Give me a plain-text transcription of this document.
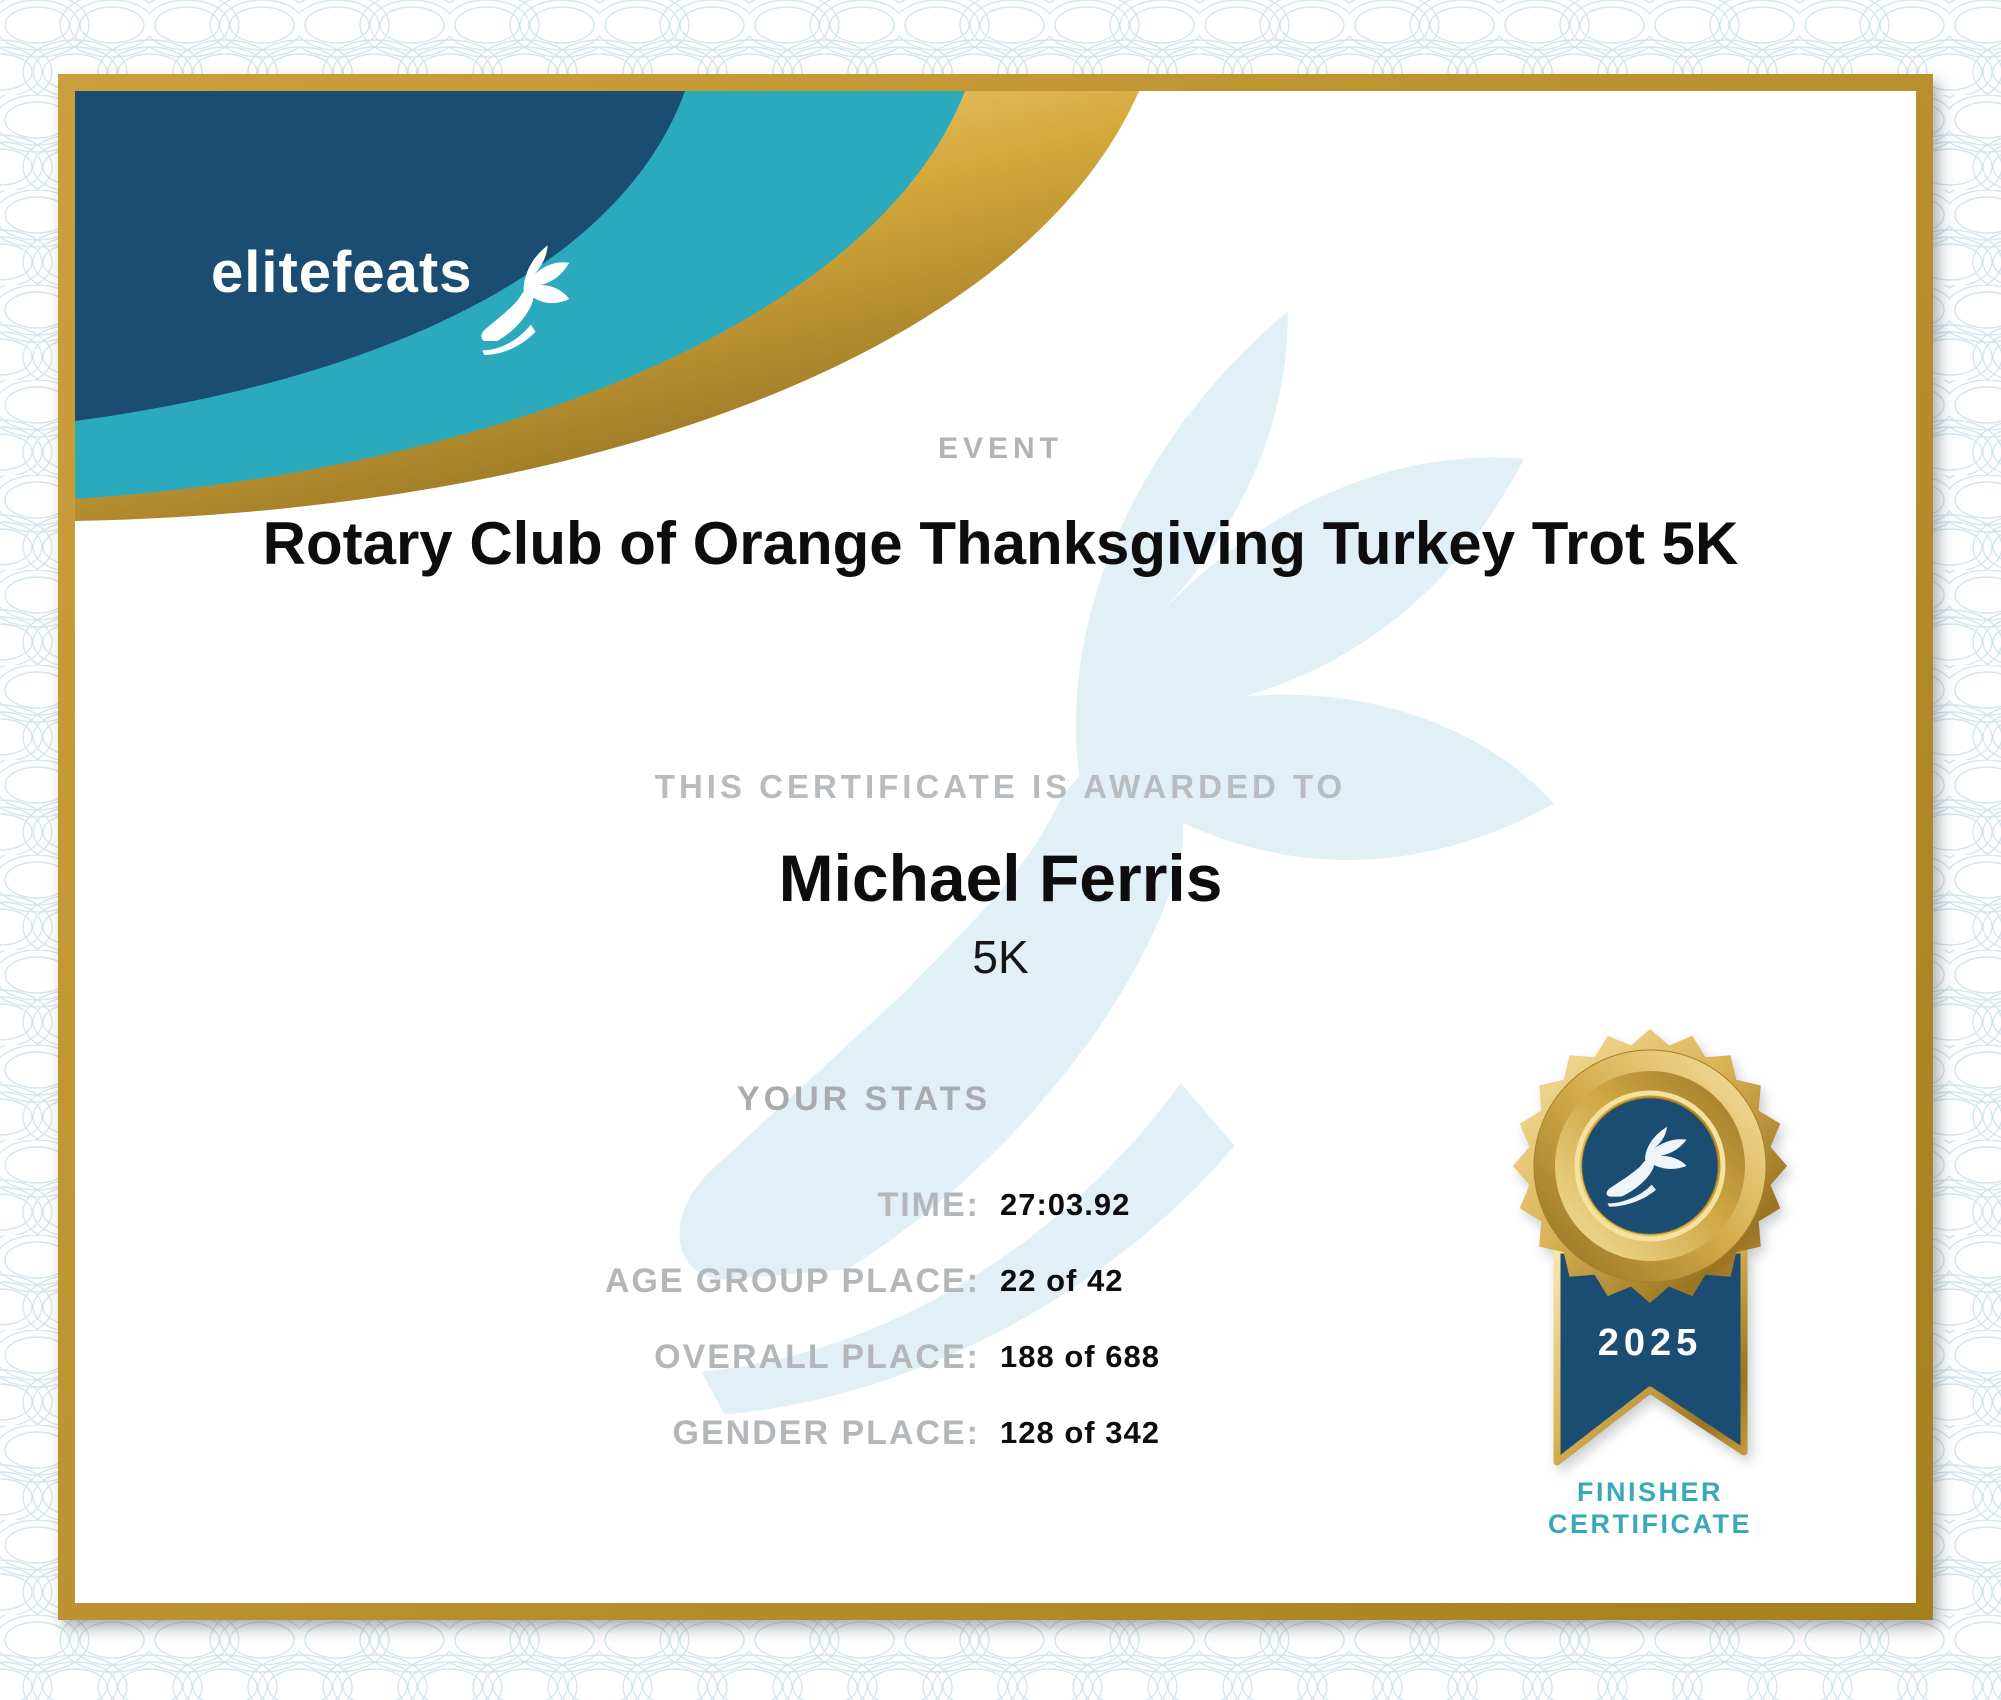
elitefeats
EVENT
Rotary Club of Orange Thanksgiving Turkey Trot 5K
THIS CERTIFICATE IS AWARDED TO
Michael Ferris
5K
YOUR STATS
TIME: 27:03.92
AGE GROUP PLACE: 22 of 42
OVERALL PLACE: 188 of 688
GENDER PLACE: 128 of 342
2025
FINISHER
CERTIFICATE
